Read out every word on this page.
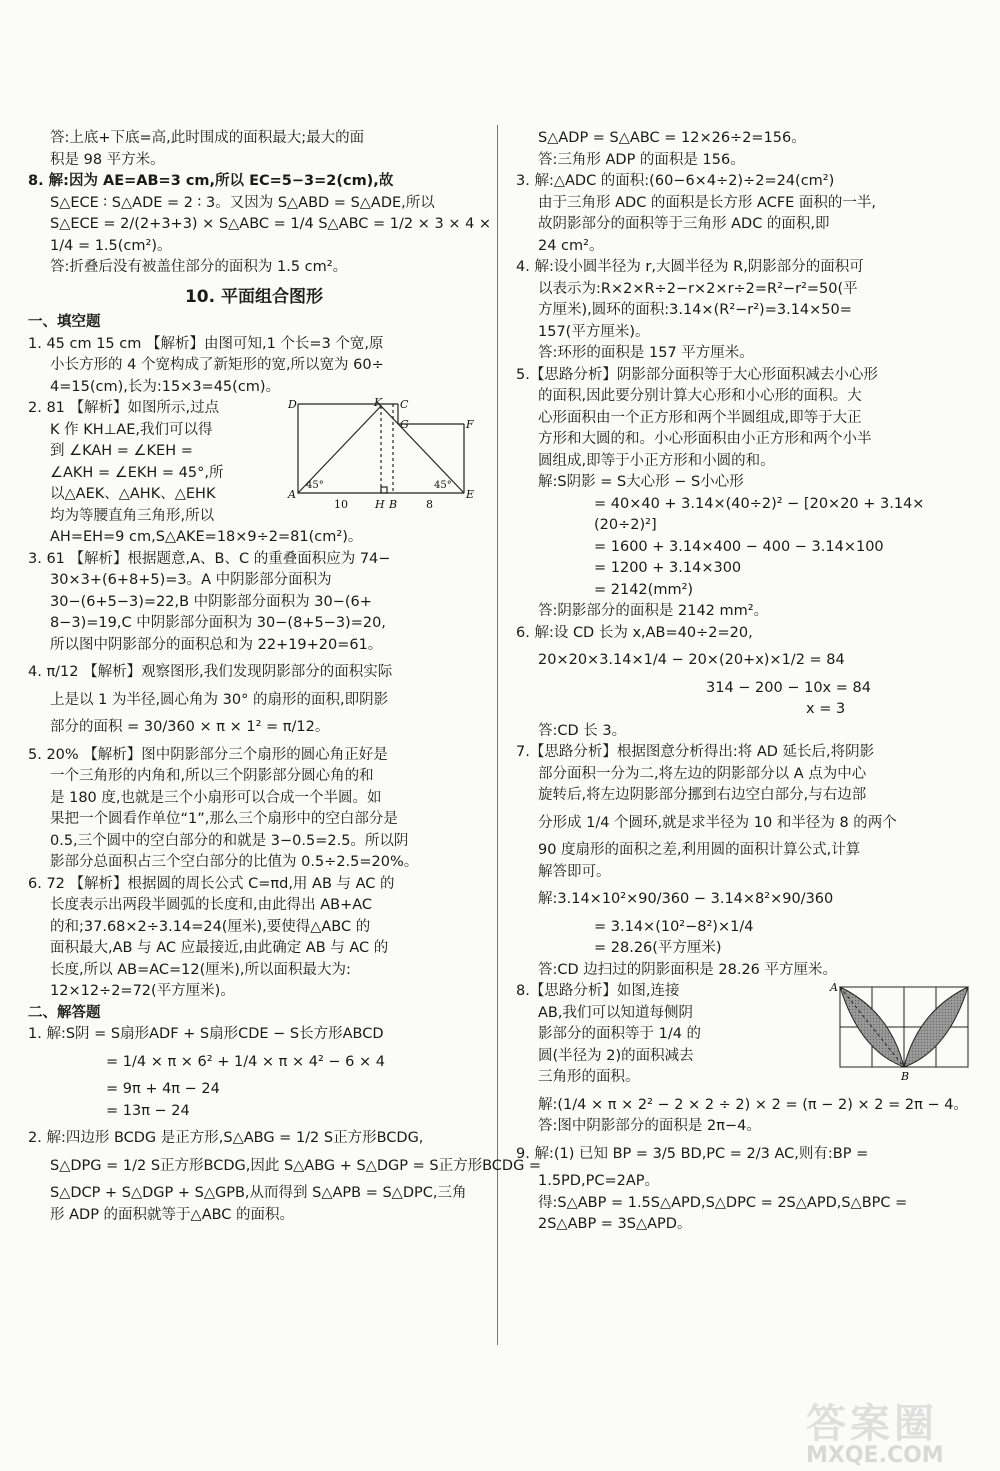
答:上底+下底=高,此时围成的面积最大;最大的面
积是 98 平方米。
8. 解:因为 AE=AB=3 cm,所以 EC=5−3=2(cm),故
S△ECE ∶ S△ADE = 2 ∶ 3。又因为 S△ABD = S△ADE,所以
S△ECE = 2/(2+3+3) × S△ABC = 1/4 S△ABC = 1/2 × 3 × 4 ×
1/4 = 1.5(cm²)。
答:折叠后没有被盖住部分的面积为 1.5 cm²。
10. 平面组合图形
一、填空题
1. 45 cm 15 cm 【解析】由图可知,1 个长=3 个宽,原
小长方形的 4 个宽构成了新矩形的宽,所以宽为 60÷
4=15(cm),长为:15×3=45(cm)。
2. 81 【解析】如图所示,过点
K 作 KH⊥AE,我们可以得
到 ∠KAH = ∠KEH =
∠AKH = ∠EKH = 45°,所
以△AEK、△AHK、△EHK
均为等腰直角三角形,所以
AH=EH=9 cm,S△AKE=18×9÷2=81(cm²)。
D	K C
G	F
A
45°	45°
E
10 H B	8
3. 61 【解析】根据题意,A、B、C 的重叠面积应为 74−
30×3+(6+8+5)=3。A 中阴影部分面积为
30−(6+5−3)=22,B 中阴影部分面积为 30−(6+
8−3)=19,C 中阴影部分面积为 30−(8+5−3)=20,
所以图中阴影部分的面积总和为 22+19+20=61。
4. π/12 【解析】观察图形,我们发现阴影部分的面积实际
上是以 1 为半径,圆心角为 30° 的扇形的面积,即阴影
部分的面积 = 30/360 × π × 1² = π/12。
5. 20% 【解析】图中阴影部分三个扇形的圆心角正好是
一个三角形的内角和,所以三个阴影部分圆心角的和
是 180 度,也就是三个小扇形可以合成一个半圆。如
果把一个圆看作单位“1”,那么三个扇形中的空白部分是
0.5,三个圆中的空白部分的和就是 3−0.5=2.5。所以阴
影部分总面积占三个空白部分的比值为 0.5÷2.5=20%。
6. 72 【解析】根据圆的周长公式 C=πd,用 AB 与 AC 的
长度表示出两段半圆弧的长度和,由此得出 AB+AC
的和;37.68×2÷3.14=24(厘米),要使得△ABC 的
面积最大,AB 与 AC 应最接近,由此确定 AB 与 AC 的
长度,所以 AB=AC=12(厘米),所以面积最大为:
12×12÷2=72(平方厘米)。
二、解答题
1. 解:S阴 = S扇形ADF + S扇形CDE − S长方形ABCD
= 1/4 × π × 6² + 1/4 × π × 4² − 6 × 4
= 9π + 4π − 24
= 13π − 24
2. 解:四边形 BCDG 是正方形,S△ABG = 1/2 S正方形BCDG,
S△DPG = 1/2 S正方形BCDG,因此 S△ABG + S△DGP = S正方形BCDG =
S△DCP + S△DGP + S△GPB,从而得到 S△APB = S△DPC,三角
形 ADP 的面积就等于△ABC 的面积。
S△ADP = S△ABC = 12×26÷2=156。
答:三角形 ADP 的面积是 156。
3. 解:△ADC 的面积:(60−6×4÷2)÷2=24(cm²)
由于三角形 ADC 的面积是长方形 ACFE 面积的一半,
故阴影部分的面积等于三角形 ADC 的面积,即
24 cm²。
4. 解:设小圆半径为 r,大圆半径为 R,阴影部分的面积可
以表示为:R×2×R÷2−r×2×r÷2=R²−r²=50(平
方厘米),圆环的面积:3.14×(R²−r²)=3.14×50=
157(平方厘米)。
答:环形的面积是 157 平方厘米。
5.【思路分析】阴影部分面积等于大心形面积减去小心形
的面积,因此要分别计算大心形和小心形的面积。大
心形面积由一个正方形和两个半圆组成,即等于大正
方形和大圆的和。小心形面积由小正方形和两个小半
圆组成,即等于小正方形和小圆的和。
解:S阴影 = S大心形 − S小心形
= 40×40 + 3.14×(40÷2)² − [20×20 + 3.14×
(20÷2)²]
= 1600 + 3.14×400 − 400 − 3.14×100
= 1200 + 3.14×300
= 2142(mm²)
答:阴影部分的面积是 2142 mm²。
6. 解:设 CD 长为 x,AB=40÷2=20,
20×20×3.14×1/4 − 20×(20+x)×1/2 = 84
314 − 200 − 10x = 84
x = 3
答:CD 长 3。
7.【思路分析】根据图意分析得出:将 AD 延长后,将阴影
部分面积一分为二,将左边的阴影部分以 A 点为中心
旋转后,将左边阴影部分挪到右边空白部分,与右边部
分形成 1/4 个圆环,就是求半径为 10 和半径为 8 的两个
90 度扇形的面积之差,利用圆的面积计算公式,计算
解答即可。
解:3.14×10²×90/360 − 3.14×8²×90/360
= 3.14×(10²−8²)×1/4
= 28.26(平方厘米)
答:CD 边扫过的阴影面积是 28.26 平方厘米。
8.【思路分析】如图,连接
AB,我们可以知道每侧阴
影部分的面积等于 1/4 的
圆(半径为 2)的面积减去
三角形的面积。
A
B
解:(1/4 × π × 2² − 2 × 2 ÷ 2) × 2 = (π − 2) × 2 = 2π − 4。
答:图中阴影部分的面积是 2π−4。
9. 解:(1) 已知 BP = 3/5 BD,PC = 2/3 AC,则有:BP =
1.5PD,PC=2AP。
得:S△ABP = 1.5S△APD,S△DPC = 2S△APD,S△BPC =
2S△ABP = 3S△APD。
答案圈
MXQE.COM
